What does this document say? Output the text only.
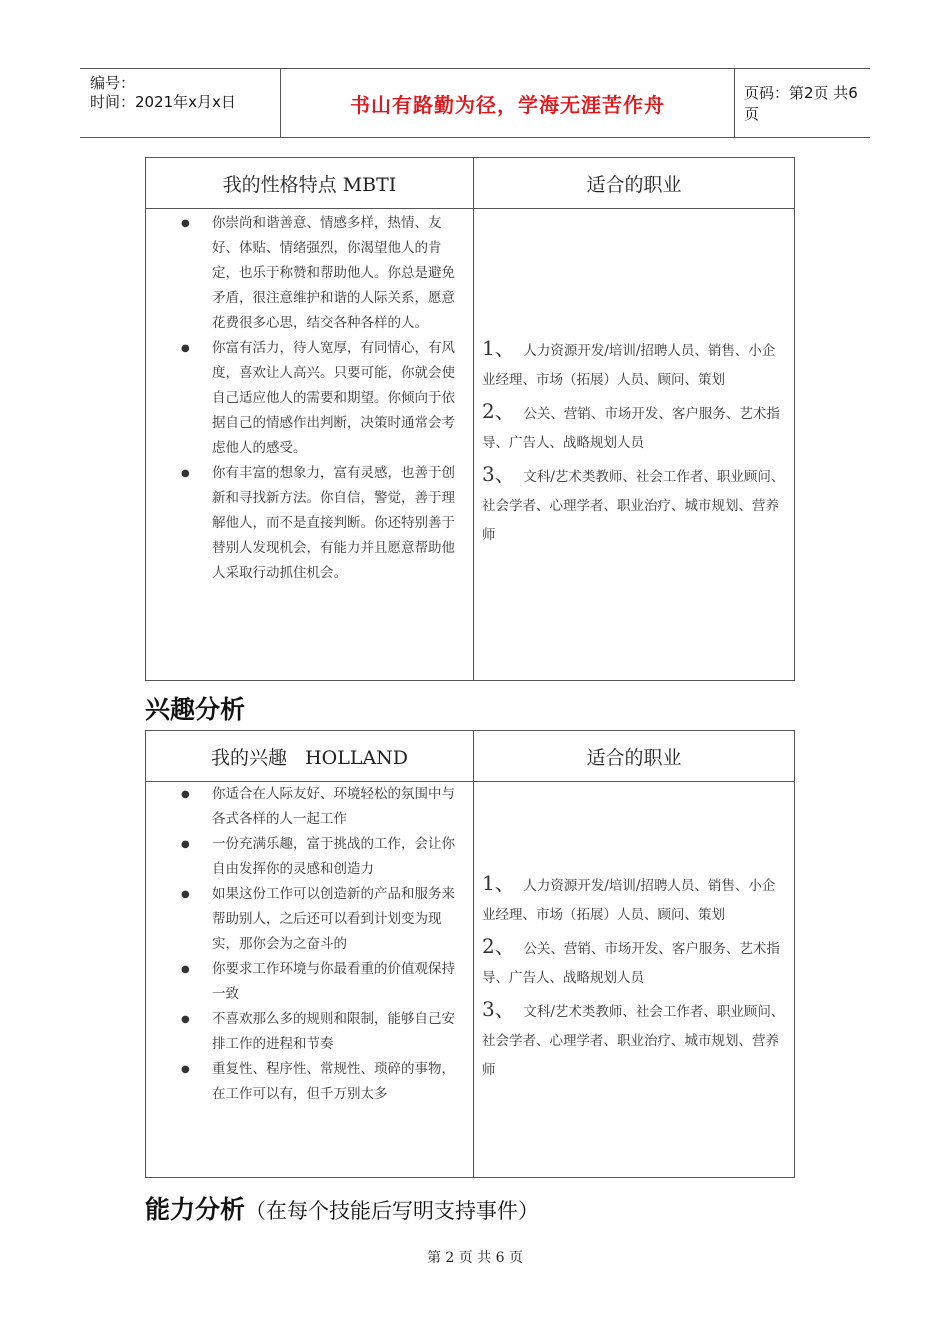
编号：
时间：2021年x月x日	书山有路勤为径，学海无涯苦作舟	页码：第2页 共6页
我的性格特点 MBTI	适合的职业
● 你崇尚和谐善意、情感多样，热情、友好、体贴、情绪强烈，你渴望他人的肯定，也乐于称赞和帮助他人。你总是避免矛盾，很注意维护和谐的人际关系，愿意花费很多心思，结交各种各样的人。
● 你富有活力，待人宽厚，有同情心，有风度，喜欢让人高兴。只要可能，你就会使自己适应他人的需要和期望。你倾向于依据自己的情感作出判断，决策时通常会考虑他人的感受。
● 你有丰富的想象力，富有灵感，也善于创新和寻找新方法。你自信，警觉，善于理解他人，而不是直接判断。你还特别善于替别人发现机会，有能力并且愿意帮助他人采取行动抓住机会。
1、 人力资源开发/培训/招聘人员、销售、小企业经理、市场（拓展）人员、顾问、策划
2、 公关、营销、市场开发、客户服务、艺术指导、广告人、战略规划人员
3、 文科/艺术类教师、社会工作者、职业顾问、社会学者、心理学者、职业治疗、城市规划、营养师
兴趣分析
我的兴趣   HOLLAND	适合的职业
● 你适合在人际友好、环境轻松的氛围中与各式各样的人一起工作
● 一份充满乐趣，富于挑战的工作，会让你自由发挥你的灵感和创造力
● 如果这份工作可以创造新的产品和服务来帮助别人，之后还可以看到计划变为现实，那你会为之奋斗的
● 你要求工作环境与你最看重的价值观保持一致
● 不喜欢那么多的规则和限制，能够自己安排工作的进程和节奏
● 重复性、程序性、常规性、琐碎的事物，在工作可以有，但千万别太多
1、 人力资源开发/培训/招聘人员、销售、小企业经理、市场（拓展）人员、顾问、策划
2、 公关、营销、市场开发、客户服务、艺术指导、广告人、战略规划人员
3、 文科/艺术类教师、社会工作者、职业顾问、社会学者、心理学者、职业治疗、城市规划、营养师
能力分析（在每个技能后写明支持事件）
第 2 页 共 6 页
